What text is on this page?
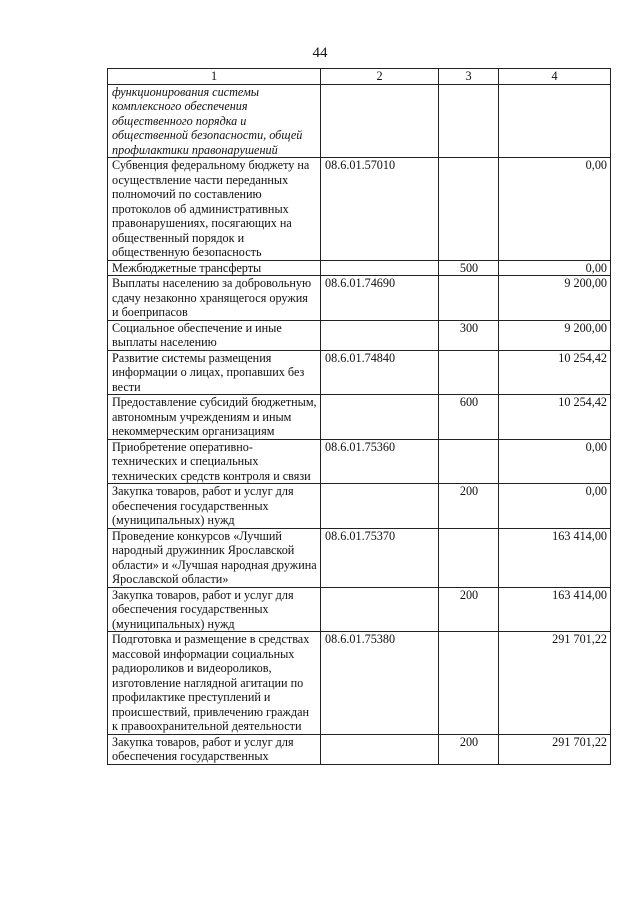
44
1	2	3	4
функционирования системы комплексного обеспечения общественного порядка и общественной безопасности, общей профилактики правонарушений			
Субвенция федеральному бюджету на осуществление части переданных полномочий по составлению протоколов об административных правонарушениях, посягающих на общественный порядок и общественную безопасность	08.6.01.57010		0,00
Межбюджетные трансферты		500	0,00
Выплаты населению за добровольную сдачу незаконно хранящегося оружия и боеприпасов	08.6.01.74690		9 200,00
Социальное обеспечение и иные выплаты населению		300	9 200,00
Развитие системы размещения информации о лицах, пропавших без вести	08.6.01.74840		10 254,42
Предоставление субсидий бюджетным, автономным учреждениям и иным некоммерческим организациям		600	10 254,42
Приобретение оперативно-технических и специальных технических средств контроля и связи	08.6.01.75360		0,00
Закупка товаров, работ и услуг для обеспечения государственных (муниципальных) нужд		200	0,00
Проведение конкурсов «Лучший народный дружинник Ярославской области» и «Лучшая народная дружина Ярославской области»	08.6.01.75370		163 414,00
Закупка товаров, работ и услуг для обеспечения государственных (муниципальных) нужд		200	163 414,00
Подготовка и размещение в средствах массовой информации социальных радиороликов и видеороликов, изготовление наглядной агитации по профилактике преступлений и происшествий, привлечению граждан к правоохранительной деятельности	08.6.01.75380		291 701,22
Закупка товаров, работ и услуг для обеспечения государственных		200	291 701,22
